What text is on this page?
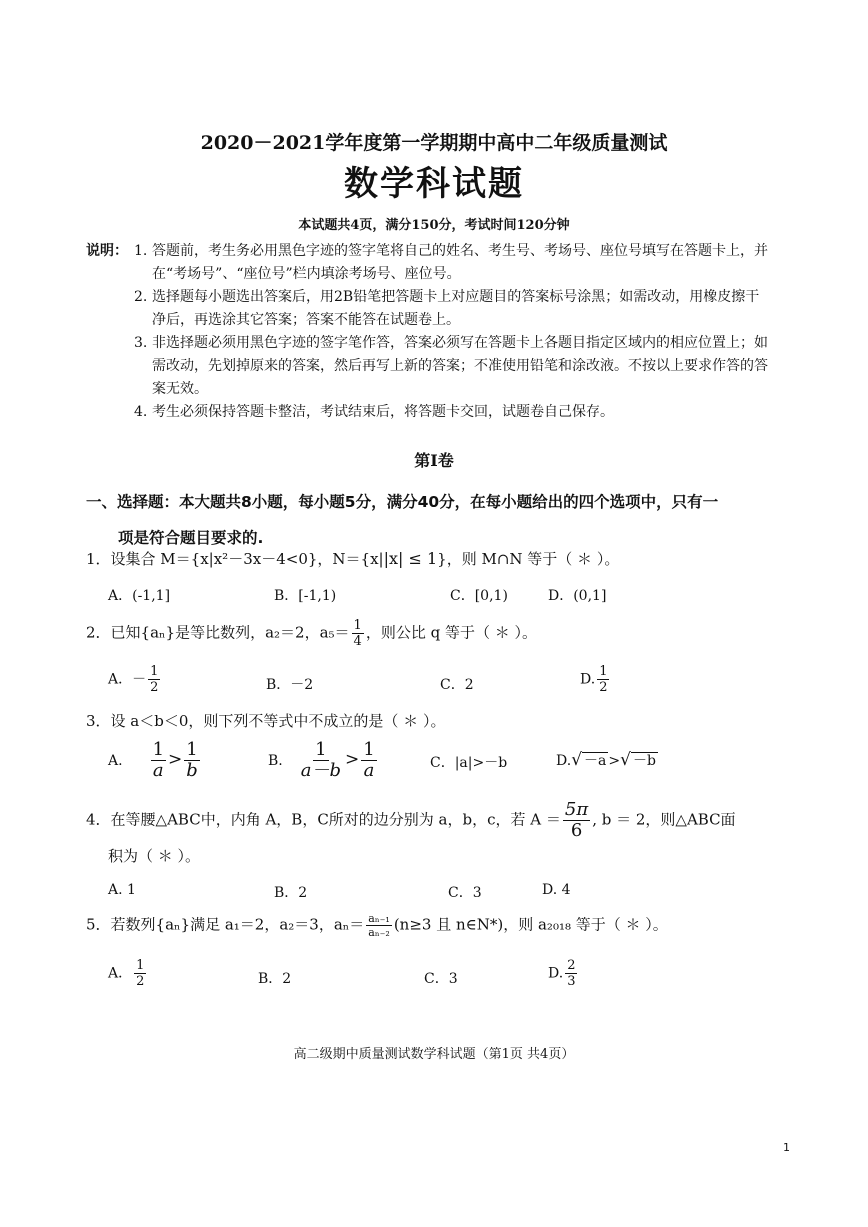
2020－2021学年度第一学期期中高中二年级质量测试
数学科试题
本试题共4页，满分150分，考试时间120分钟
说明： 1. 答题前，考生务必用黑色字迹的签字笔将自己的姓名、考生号、考场号、座位号填写在答题卡上，并在“考场号”、“座位号”栏内填涂考场号、座位号。
2. 选择题每小题选出答案后，用2B铅笔把答题卡上对应题目的答案标号涂黑；如需改动，用橡皮擦干净后，再选涂其它答案；答案不能答在试题卷上。
3. 非选择题必须用黑色字迹的签字笔作答，答案必须写在答题卡上各题目指定区域内的相应位置上；如需改动，先划掉原来的答案，然后再写上新的答案；不准使用铅笔和涂改液。不按以上要求作答的答案无效。
4. 考生必须保持答题卡整洁，考试结束后，将答题卡交回，试题卷自己保存。
第Ⅰ卷
一、选择题：本大题共8小题，每小题5分，满分40分，在每小题给出的四个选项中，只有一
项是符合题目要求的.
1．设集合 M＝{x|x²－3x－4<0}，N＝{x||x| ≤ 1}，则 M∩N 等于（ ＊ ）。
A．(-1,1]	B．[-1,1)	C．[0,1)	D．(0,1]
2．已知{aₙ}是等比数列，a₂＝2，$a_5= \frac{1}{4}$ ，则公比 q 等于（ ＊ ）。
A．－ $\frac{1}{2}$	B．－2	C．2	D. $\frac{1}{2}$
3．设 a＜b＜0，则下列不等式中不成立的是（ ＊ ）。
A. $\frac{1}{a} > \frac{1}{b}$	B. $\frac{1}{a-b} > \frac{1}{a}$	C．|a|>－b	D.√ －a >√ －b
4．在等腰△ABC中，内角 A，B，C所对的边分别为 a，b，c，若 $A = \frac{5\pi}{6}$ , b ＝ 2，则△ABC面
积为（ ＊ ）。
A. 1	B．2	C．3	D. 4
5．若数列{aₙ}满足 a₁＝2，a₂＝3，$a_n= \frac{\text{aₙ₋₁}}{\text{aₙ₋₂}} (n\ge 3$ 且 n∈N*)，则 a₂₀₁₈ 等于（ ＊ ）。
A． $\frac{1}{2}$	B．2	C．3	D. $\frac{2}{3}$
高二级期中质量测试数学科试题（第1页 共4页）
1
